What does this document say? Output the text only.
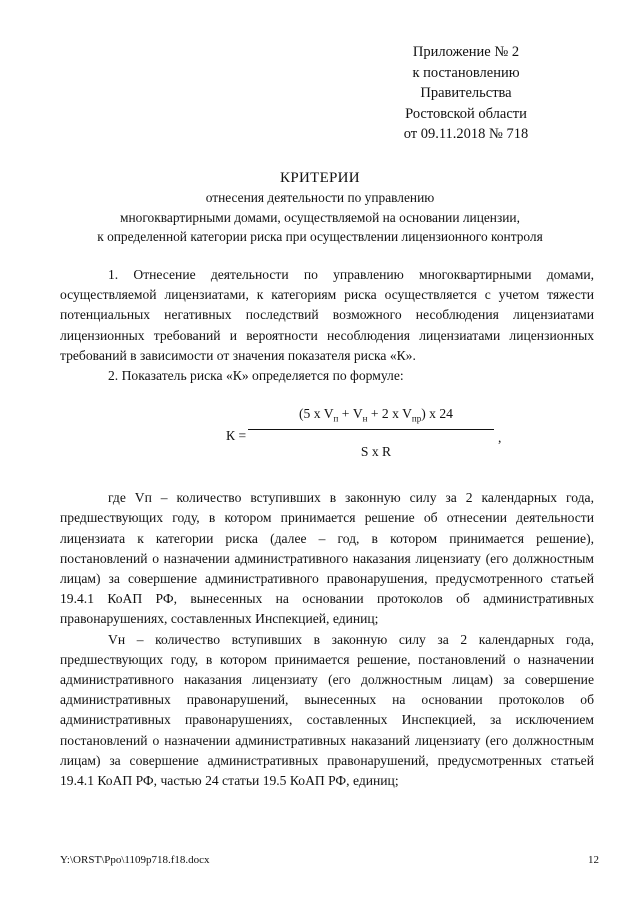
Приложение № 2
к постановлению
Правительства
Ростовской области
от 09.11.2018 № 718
КРИТЕРИИ
отнесения деятельности по управлению
многоквартирными домами, осуществляемой на основании лицензии,
к определенной категории риска при осуществлении лицензионного контроля

1. Отнесение деятельности по управлению многоквартирными домами, осуществляемой лицензиатами, к категориям риска осуществляется с учетом тяжести потенциальных негативных последствий возможного несоблюдения лицензиатами лицензионных требований и вероятности несоблюдения лицензиатами лицензионных требований в зависимости от значения показателя риска «К».

2. Показатель риска «К» определяется по формуле:

К =
(5 x $V_п + V_н + 2$ x $V_{пр}$) x 24
S x R
,

где Vп – количество вступивших в законную силу за 2 календарных года, предшествующих году, в котором принимается решение об отнесении деятельности лицензиата к категории риска (далее – год, в котором принимается решение), постановлений о назначении административного наказания лицензиату (его должностным лицам) за совершение административного правонарушения, предусмотренного статьей 19.4.1 КоАП РФ, вынесенных на основании протоколов об административных правонарушениях, составленных Инспекцией, единиц;

Vн – количество вступивших в законную силу за 2 календарных года, предшествующих году, в котором принимается решение, постановлений о назначении административного наказания лицензиату (его должностным лицам) за совершение административных правонарушений, вынесенных на основании протоколов об административных правонарушениях, составленных Инспекцией, за исключением постановлений о назначении административных наказаний лицензиату (его должностным лицам) за совершение административных правонарушений, предусмотренных статьей 19.4.1 КоАП РФ, частью 24 статьи 19.5 КоАП РФ, единиц;

Y:\ORST\Ppo\1109p718.f18.docx	12
